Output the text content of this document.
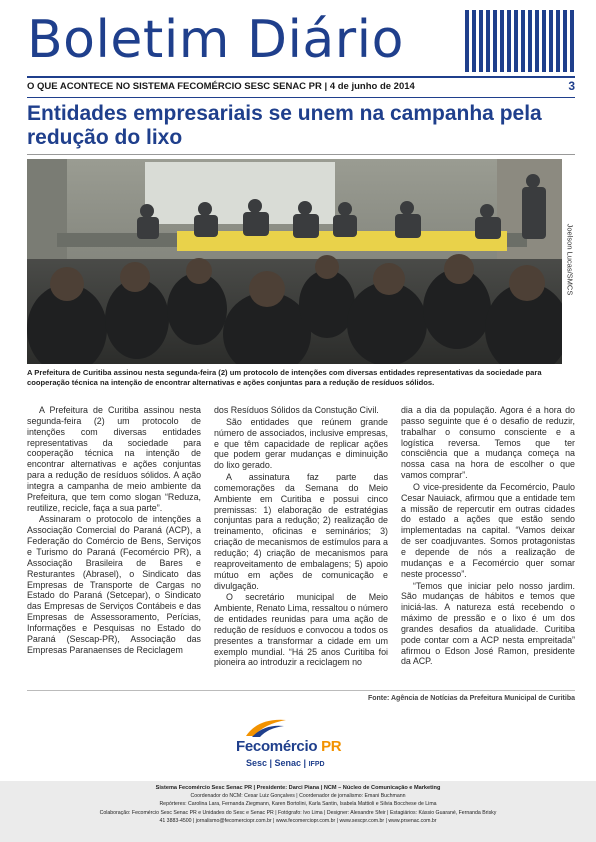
Boletim Diário
O QUE ACONTECE NO SISTEMA FECOMÉRCIO SESC SENAC PR | 4 de junho de 2014	3
Entidades empresariais se unem na campanha pela redução do lixo
Joelson Lucas/SMCS

A Prefeitura de Curitiba assinou nesta segunda-feira (2) um protocolo de intenções com diversas entidades representativas da sociedade para cooperação técnica na intenção de encontrar alternativas e ações conjuntas para a redução de resíduos sólidos.

A Prefeitura de Curitiba assinou nesta segunda-feira (2) um protocolo de intenções com diversas entidades representativas da sociedade para cooperação técnica na intenção de encontrar alternativas e ações conjuntas para a redução de resíduos sólidos. A ação integra a campanha de meio ambiente da Prefeitura, que tem como slogan “Reduza, reutilize, recicle, faça a sua parte”.

Assinaram o protocolo de intenções a Associação Comercial do Paraná (ACP), a Federação do Comércio de Bens, Serviços e Turismo do Paraná (Fecomércio PR), a Associação Brasileira de Bares e Resturantes (Abrasel), o Sindicato das Empresas de Transporte de Cargas no Estado do Paraná (Setcepar), o Sindicato das Empresas de Serviços Contábeis e das Empresas de Assessoramento, Perícias, Informações e Pesquisas no Estado do Paraná (Sescap-PR), Associação das Empresas Paranaenses de Reciclagem

dos Resíduos Sólidos da Constução Civil.

São entidades que reúnem grande número de associados, inclusive empresas, e que têm capacidade de replicar ações que podem gerar mudanças e diminuição do lixo gerado.

A assinatura faz parte das comemorações da Semana do Meio Ambiente em Curitiba e possui cinco premissas: 1) elaboração de estratégias conjuntas para a redução; 2) realização de treinamento, oficinas e seminários; 3) criação de mecanismos de estímulos para a redução; 4) criação de mecanismos para reaproveitamento de embalagens; 5) apoio mútuo em ações de comunicação e divulgação.

O secretário municipal de Meio Ambiente, Renato Lima, ressaltou o número de entidades reunidas para uma ação de redução de resíduos e convocou a todos os presentes a transformar a cidade em um exemplo mundial. “Há 25 anos Curitiba foi pioneira ao introduzir a reciclagem no

dia a dia da população. Agora é a hora do passo seguinte que é o desafio de reduzir, trabalhar o consumo consciente e a logística reversa. Temos que ter consciência que a mudança começa na nossa casa na hora de escolher o que vamos comprar”.

O vice-presidente da Fecomércio, Paulo Cesar Nauiack, afirmou que a entidade tem a missão de repercutir em outras cidades do estado a ações que estão sendo implementadas na capital. “Vamos deixar de ser coadjuvantes. Somos protagonistas e depende de nós a realização de mudanças e a Fecomércio quer somar neste processo”.

“Temos que iniciar pelo nosso jardim. São mudanças de hábitos e temos que iniciá-las. A natureza está recebendo o máximo de pressão e o lixo é um dos grandes desafios da atualidade. Curitiba pode contar com a ACP nesta empreitada” afirmou o Edson José Ramon, presidente da ACP.

Fonte: Agência de Notícias da Prefeitura Municipal de Curitiba
Fecomércio PR
Sesc | Senac | IFPD
Sistema Fecomércio Sesc Senac PR | Presidente: Darci Piana | NCM – Núcleo de Comunicação e Marketing
Coordenador do NCM: Cesar Luiz Gonçalves | Coordenador de jornalismo: Emani Buchmann
Repórteres: Carolina Lara, Fernanda Ziegmann, Karen Bortolini, Karla Santin, Isabela Mattioli e Silvia Bocchese de Lima
Colaboração: Fecomércio Sesc Senac PR e Unidades do Sesc e Senac PR | Fotógrafo: Ivo Lima | Designer: Alexandre Sfeir | Estagiários: Kássio Guarané, Fernanda Brisky
41 3883-4500 | jornalismo@fecomerciopr.com.br | www.fecomerciopr.com.br | www.sescpr.com.br | www.prsenac.com.br
